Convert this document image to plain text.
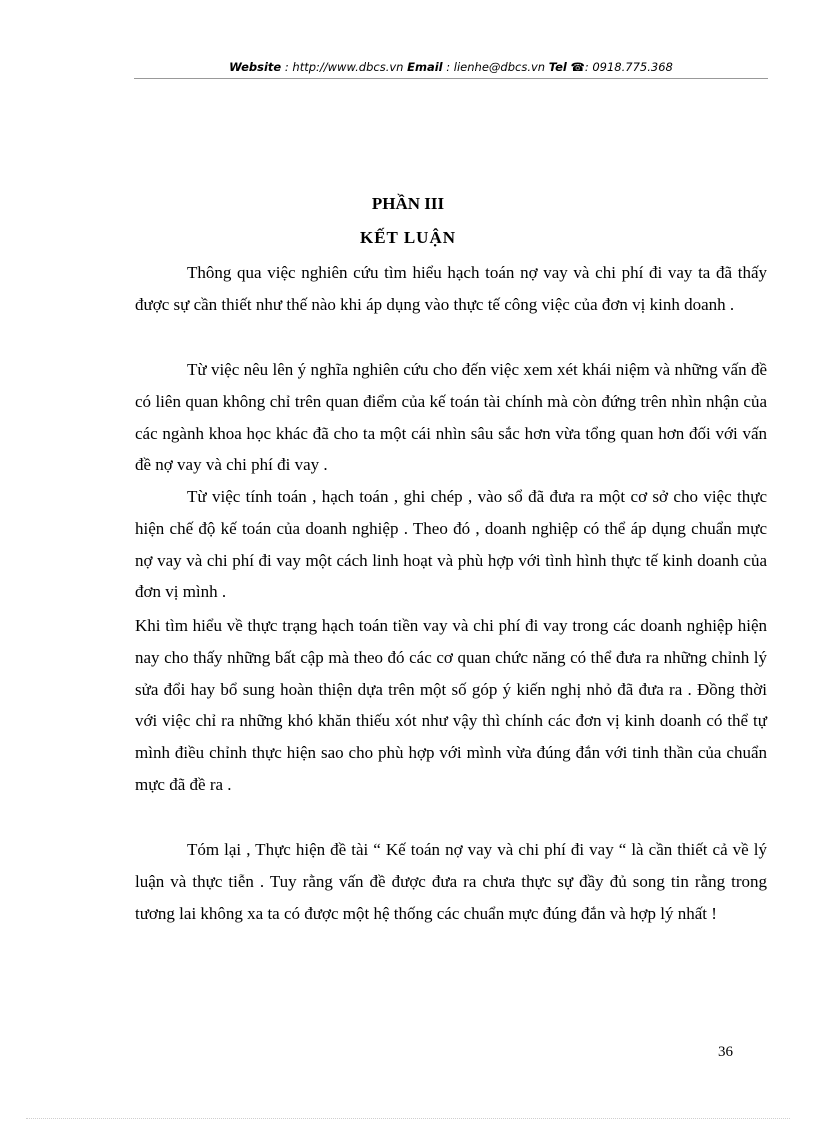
Website : http://www.dbcs.vn Email : lienhe@dbcs.vn Tel ☎: 0918.775.368
PHẦN III
KẾT LUẬN

Thông qua việc nghiên cứu tìm hiểu hạch toán nợ vay và chi phí đi vay ta đã thấy được sự cần thiết như thế nào khi áp dụng vào thực tế công việc của đơn vị kinh doanh .

Từ việc nêu lên ý nghĩa nghiên cứu cho đến việc xem xét khái niệm và những vấn đề có liên quan không chỉ trên quan điểm của kế toán tài chính mà còn đứng trên nhìn nhận của các ngành khoa học khác đã cho ta một cái nhìn sâu sắc hơn vừa tổng quan hơn đối với vấn đề nợ vay và chi phí đi vay .

Từ việc tính toán , hạch toán , ghi chép , vào sổ đã đưa ra một cơ sở cho việc thực hiện chế độ kế toán của doanh nghiệp . Theo đó , doanh nghiệp có thể áp dụng chuẩn mực nợ vay và chi phí đi vay một cách linh hoạt và phù hợp với tình hình thực tế kinh doanh của đơn vị mình .

Khi tìm hiểu về thực trạng hạch toán tiền vay và chi phí đi vay trong các doanh nghiệp hiện nay cho thấy những bất cập mà theo đó các cơ quan chức năng có thể đưa ra những chỉnh lý sửa đổi hay bổ sung hoàn thiện dựa trên một số góp ý kiến nghị nhỏ đã đưa ra . Đồng thời với việc chỉ ra những khó khăn thiếu xót như vậy thì chính các đơn vị kinh doanh có thể tự mình điều chỉnh thực hiện sao cho phù hợp với mình vừa đúng đắn với tinh thần của chuẩn mực đã đề ra .

Tóm lại , Thực hiện đề tài “ Kế toán nợ vay và chi phí đi vay “ là cần thiết cả về lý luận và thực tiễn . Tuy rằng vấn đề được đưa ra chưa thực sự đầy đủ song tin rằng trong tương lai không xa ta có được một hệ thống các chuẩn mực đúng đắn và hợp lý nhất !

36
